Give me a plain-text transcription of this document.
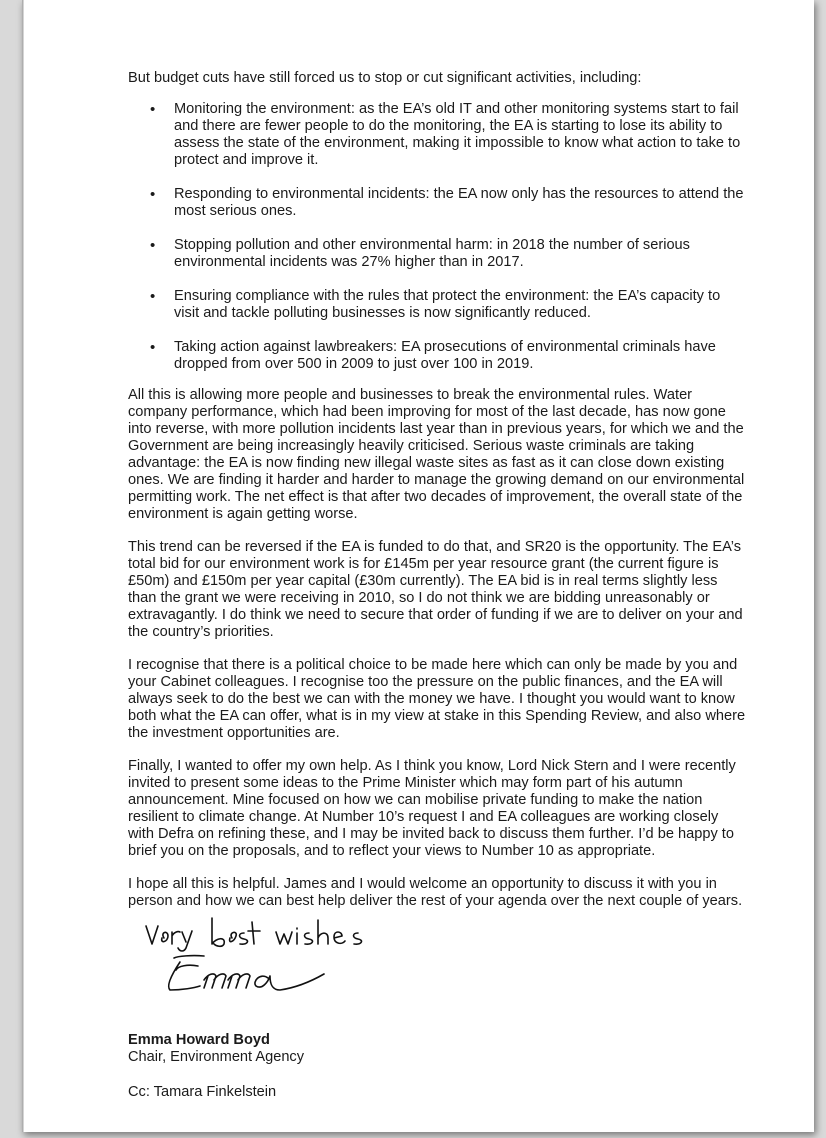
But budget cuts have still forced us to stop or cut significant activities, including:

• Monitoring the environment: as the EA’s old IT and other monitoring systems start to fail and there are fewer people to do the monitoring, the EA is starting to lose its ability to assess the state of the environment, making it impossible to know what action to take to protect and improve it.
• Responding to environmental incidents: the EA now only has the resources to attend the most serious ones.
• Stopping pollution and other environmental harm: in 2018 the number of serious environmental incidents was 27% higher than in 2017.
• Ensuring compliance with the rules that protect the environment: the EA’s capacity to visit and tackle polluting businesses is now significantly reduced.
• Taking action against lawbreakers: EA prosecutions of environmental criminals have dropped from over 500 in 2009 to just over 100 in 2019.

All this is allowing more people and businesses to break the environmental rules. Water company performance, which had been improving for most of the last decade, has now gone into reverse, with more pollution incidents last year than in previous years, for which we and the Government are being increasingly heavily criticised. Serious waste criminals are taking advantage: the EA is now finding new illegal waste sites as fast as it can close down existing ones. We are finding it harder and harder to manage the growing demand on our environmental permitting work. The net effect is that after two decades of improvement, the overall state of the environment is again getting worse.

This trend can be reversed if the EA is funded to do that, and SR20 is the opportunity. The EA’s total bid for our environment work is for £145m per year resource grant (the current figure is £50m) and £150m per year capital (£30m currently). The EA bid is in real terms slightly less than the grant we were receiving in 2010, so I do not think we are bidding unreasonably or extravagantly. I do think we need to secure that order of funding if we are to deliver on your and the country’s priorities.

I recognise that there is a political choice to be made here which can only be made by you and your Cabinet colleagues. I recognise too the pressure on the public finances, and the EA will always seek to do the best we can with the money we have. I thought you would want to know both what the EA can offer, what is in my view at stake in this Spending Review, and also where the investment opportunities are.

Finally, I wanted to offer my own help. As I think you know, Lord Nick Stern and I were recently invited to present some ideas to the Prime Minister which may form part of his autumn announcement. Mine focused on how we can mobilise private funding to make the nation resilient to climate change. At Number 10’s request I and EA colleagues are working closely with Defra on refining these, and I may be invited back to discuss them further. I’d be happy to brief you on the proposals, and to reflect your views to Number 10 as appropriate.

I hope all this is helpful. James and I would welcome an opportunity to discuss it with you in person and how we can best help deliver the rest of your agenda over the next couple of years.

Emma Howard Boyd

Chair, Environment Agency

Cc: Tamara Finkelstein
